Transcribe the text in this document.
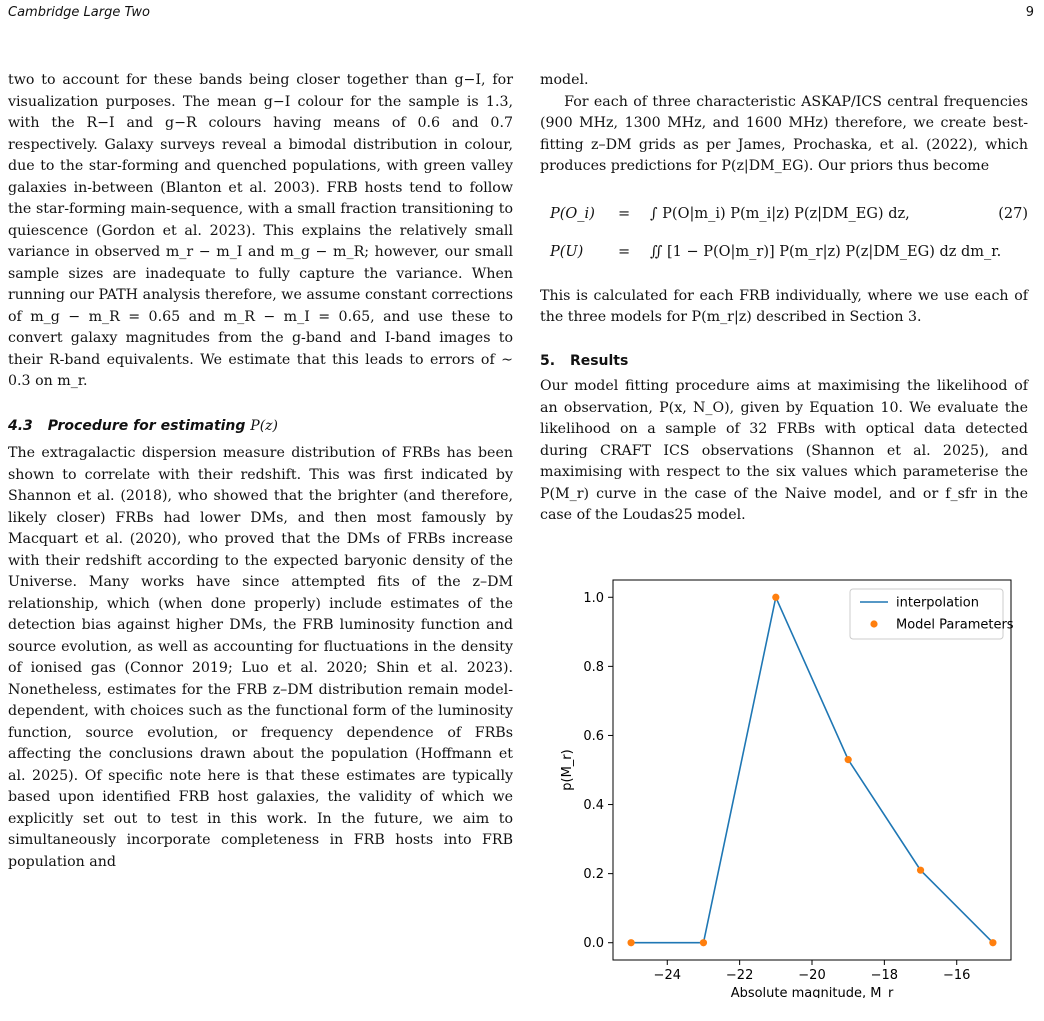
Cambridge Large Two	9

two to account for these bands being closer together than g−I, for visualization purposes. The mean g−I colour for the sample is 1.3, with the R−I and g−R colours having means of 0.6 and 0.7 respectively. Galaxy surveys reveal a bimodal distribution in colour, due to the star-forming and quenched populations, with green valley galaxies in-between (Blanton et al. 2003). FRB hosts tend to follow the star-forming main-sequence, with a small fraction transitioning to quiescence (Gordon et al. 2023). This explains the relatively small variance in observed m_r − m_I and m_g − m_R; however, our small sample sizes are inadequate to fully capture the variance. When running our PATH analysis therefore, we assume constant corrections of m_g − m_R = 0.65 and m_R − m_I = 0.65, and use these to convert galaxy magnitudes from the g-band and I-band images to their R-band equivalents. We estimate that this leads to errors of ∼ 0.3 on m_r.

4.3 Procedure for estimating P(z)

The extragalactic dispersion measure distribution of FRBs has been shown to correlate with their redshift. This was first indicated by Shannon et al. (2018), who showed that the brighter (and therefore, likely closer) FRBs had lower DMs, and then most famously by Macquart et al. (2020), who proved that the DMs of FRBs increase with their redshift according to the expected baryonic density of the Universe. Many works have since attempted fits of the z–DM relationship, which (when done properly) include estimates of the detection bias against higher DMs, the FRB luminosity function and source evolution, as well as accounting for fluctuations in the density of ionised gas (Connor 2019; Luo et al. 2020; Shin et al. 2023). Nonetheless, estimates for the FRB z–DM distribution remain model-dependent, with choices such as the functional form of the luminosity function, source evolution, or frequency dependence of FRBs affecting the conclusions drawn about the population (Hoffmann et al. 2025). Of specific note here is that these estimates are typically based upon identified FRB host galaxies, the validity of which we explicitly set out to test in this work. In the future, we aim to simultaneously incorporate completeness in FRB hosts into FRB population and

model.

For each of three characteristic ASKAP/ICS central frequencies (900 MHz, 1300 MHz, and 1600 MHz) therefore, we create best-fitting z–DM grids as per James, Prochaska, et al. (2022), which produces predictions for P(z|DM_EG). Our priors thus become

P(O_i) = ∫ P(O|m_i) P(m_i|z) P(z|DM_EG) dz,	(27)
P(U) = ∬ [1 − P(O|m_r)] P(m_r|z) P(z|DM_EG) dz dm_r.

This is calculated for each FRB individually, where we use each of the three models for P(m_r|z) described in Section 3.

5. Results

Our model fitting procedure aims at maximising the likelihood of an observation, P(x, N_O), given by Equation 10. We evaluate the likelihood on a sample of 32 FRBs with optical data detected during CRAFT ICS observations (Shannon et al. 2025), and maximising with respect to the six values which parameterise the P(M_r) curve in the case of the Naive model, and or f_sfr in the case of the Loudas25 model.

−24	−22	−20	−18	−16
0.0
0.2
0.4
0.6
0.8
1.0
Absolute magnitude, M_r
p(M_r)
interpolation
Model Parameters
